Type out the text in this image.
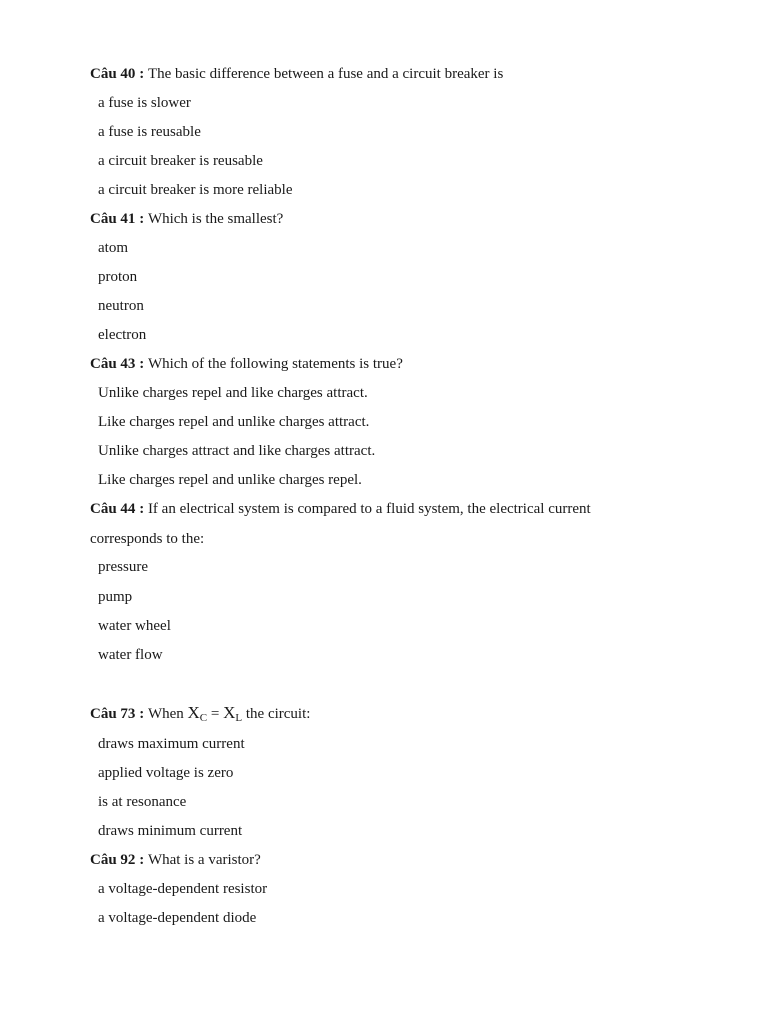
Câu 40 : The basic difference between a fuse and a circuit breaker is
a fuse is slower
a fuse is reusable
a circuit breaker is reusable
a circuit breaker is more reliable
Câu 41 : Which is the smallest?
atom
proton
neutron
electron
Câu 43 : Which of the following statements is true?
Unlike charges repel and like charges attract.
Like charges repel and unlike charges attract.
Unlike charges attract and like charges attract.
Like charges repel and unlike charges repel.
Câu 44 : If an electrical system is compared to a fluid system, the electrical current
corresponds to the:
pressure
pump
water wheel
water flow
Câu 73 : When $X_C = X_L$ the circuit:
draws maximum current
applied voltage is zero
is at resonance
draws minimum current
Câu 92 : What is a varistor?
a voltage-dependent resistor
a voltage-dependent diode
